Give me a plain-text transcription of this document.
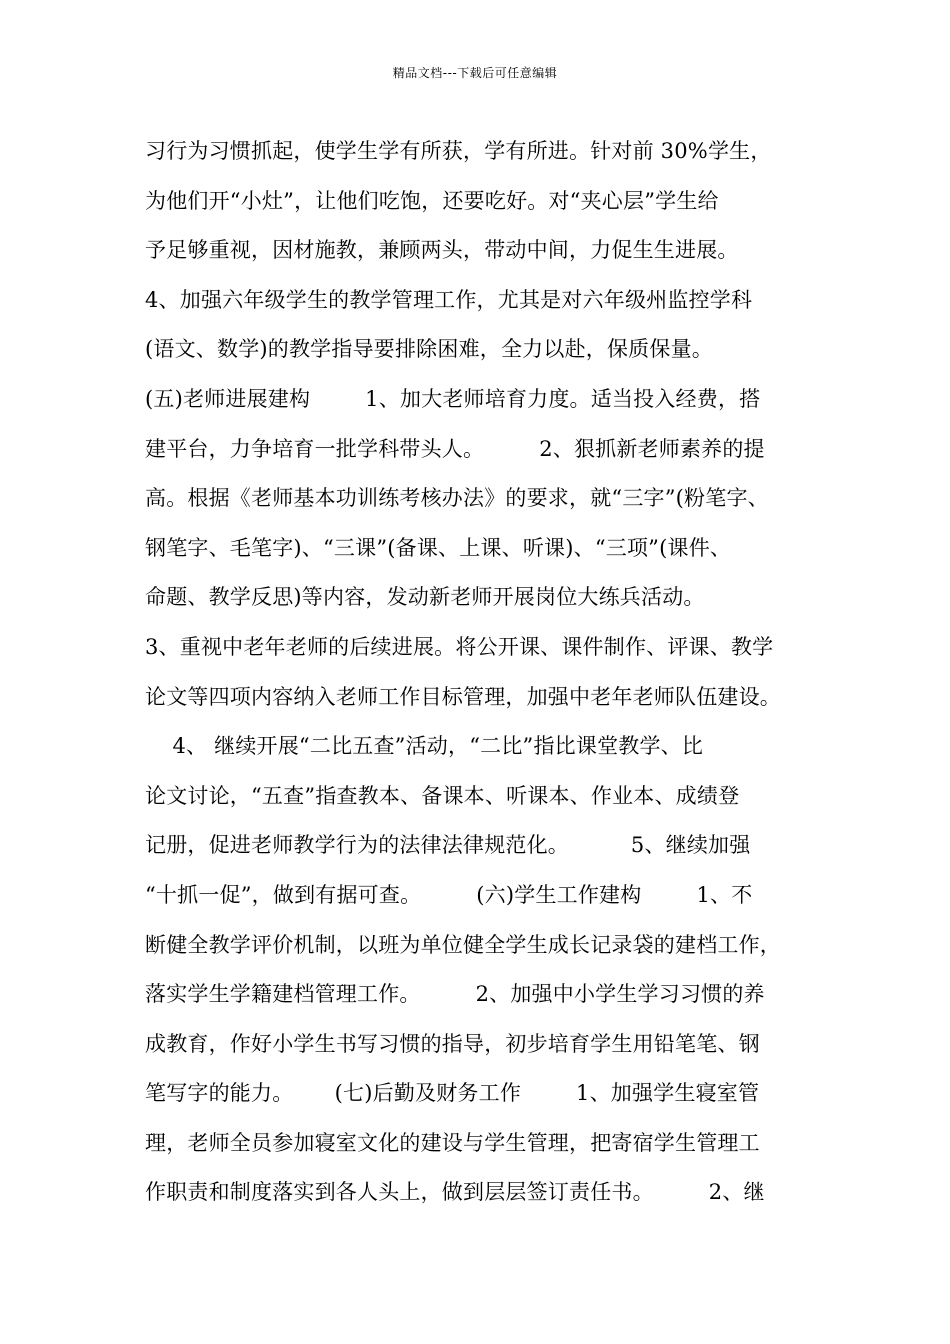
精品文档---下载后可任意编辑
习行为习惯抓起，使学生学有所获，学有所进。针对前 30%学生，
为他们开“小灶”，让他们吃饱，还要吃好。对“夹心层”学生给
予足够重视，因材施教，兼顾两头，带动中间，力促生生进展。
4、加强六年级学生的教学管理工作，尤其是对六年级州监控学科
(语文、数学)的教学指导要排除困难，全力以赴，保质保量。
(五)老师进展建构        1、加大老师培育力度。适当投入经费，搭
建平台，力争培育一批学科带头人。        2、狠抓新老师素养的提
高。根据《老师基本功训练考核办法》的要求，就“三字”(粉笔字、
钢笔字、毛笔字)、“三课”(备课、上课、听课)、“三项”(课件、
命题、教学反思)等内容，发动新老师开展岗位大练兵活动。
3、重视中老年老师的后续进展。将公开课、课件制作、评课、教学
论文等四项内容纳入老师工作目标管理，加强中老年老师队伍建设。
4、 继续开展“二比五查”活动，“二比”指比课堂教学、比
论文讨论，“五查”指查教本、备课本、听课本、作业本、成绩登
记册，促进老师教学行为的法律法律规范化。         5、继续加强
“十抓一促”，做到有据可查。        (六)学生工作建构        1、不
断健全教学评价机制，以班为单位健全学生成长记录袋的建档工作，
落实学生学籍建档管理工作。        2、加强中小学生学习习惯的养
成教育，作好小学生书写习惯的指导，初步培育学生用铅笔笔、钢
笔写字的能力。      (七)后勤及财务工作        1、加强学生寝室管
理，老师全员参加寝室文化的建设与学生管理，把寄宿学生管理工
作职责和制度落实到各人头上，做到层层签订责任书。        2、继
